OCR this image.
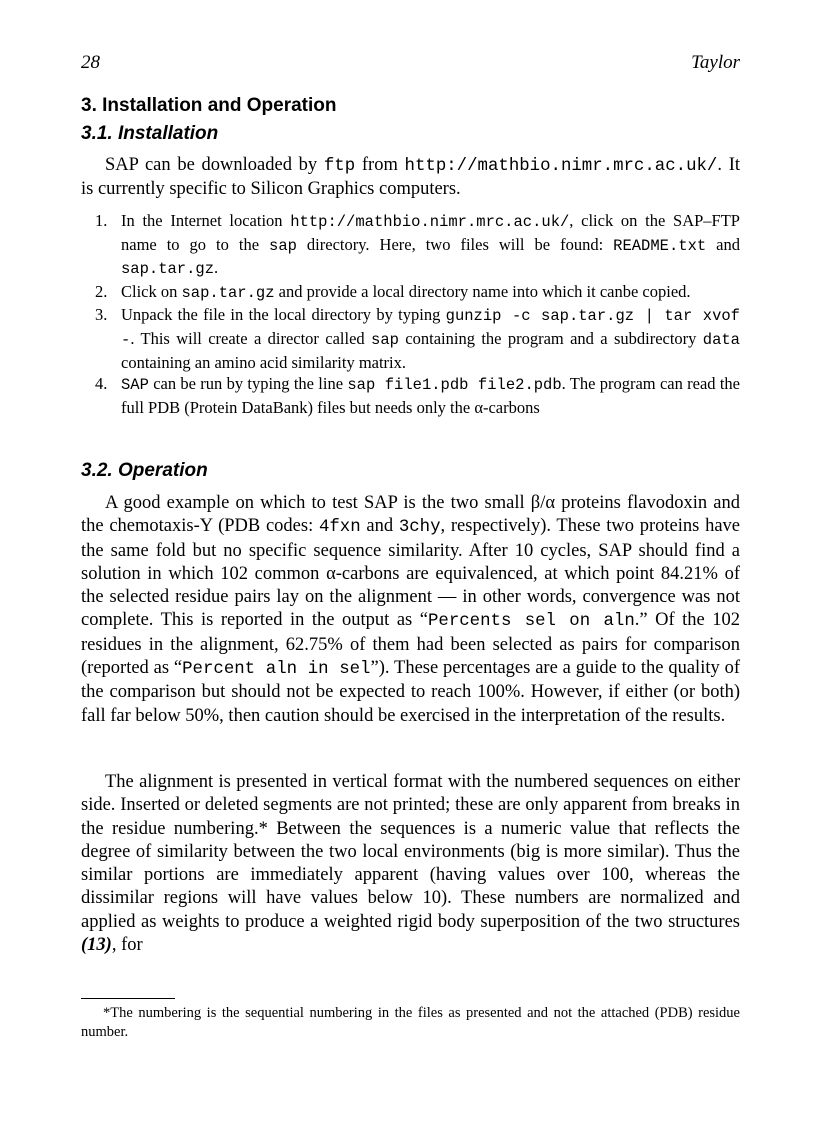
28	Taylor
3. Installation and Operation
3.1. Installation
SAP can be downloaded by ftp from http://mathbio.nimr.mrc.ac.uk/. It is currently specific to Silicon Graphics computers.
1. In the Internet location http://mathbio.nimr.mrc.ac.uk/, click on the SAP–FTP name to go to the sap directory. Here, two files will be found: README.txt and sap.tar.gz.
2. Click on sap.tar.gz and provide a local directory name into which it canbe copied.
3. Unpack the file in the local directory by typing gunzip -c sap.tar.gz | tar xvof -. This will create a director called sap containing the program and a subdirectory data containing an amino acid similarity matrix.
4. SAP can be run by typing the line sap file1.pdb file2.pdb. The program can read the full PDB (Protein DataBank) files but needs only the α-carbons
3.2. Operation
A good example on which to test SAP is the two small β/α proteins flavodoxin and the chemotaxis-Y (PDB codes: 4fxn and 3chy, respectively). These two proteins have the same fold but no specific sequence similarity. After 10 cycles, SAP should find a solution in which 102 common α-carbons are equivalenced, at which point 84.21% of the selected residue pairs lay on the alignment — in other words, convergence was not complete. This is reported in the output as “Percents sel on aln.” Of the 102 residues in the alignment, 62.75% of them had been selected as pairs for comparison (reported as “Percent aln in sel”). These percentages are a guide to the quality of the comparison but should not be expected to reach 100%. However, if either (or both) fall far below 50%, then caution should be exercised in the interpretation of the results.
The alignment is presented in vertical format with the numbered sequences on either side. Inserted or deleted segments are not printed; these are only apparent from breaks in the residue numbering.* Between the sequences is a numeric value that reflects the degree of similarity between the two local environments (big is more similar). Thus the similar portions are immediately apparent (having values over 100, whereas the dissimilar regions will have values below 10). These numbers are normalized and applied as weights to produce a weighted rigid body superposition of the two structures (13), for
*The numbering is the sequential numbering in the files as presented and not the attached (PDB) residue number.
